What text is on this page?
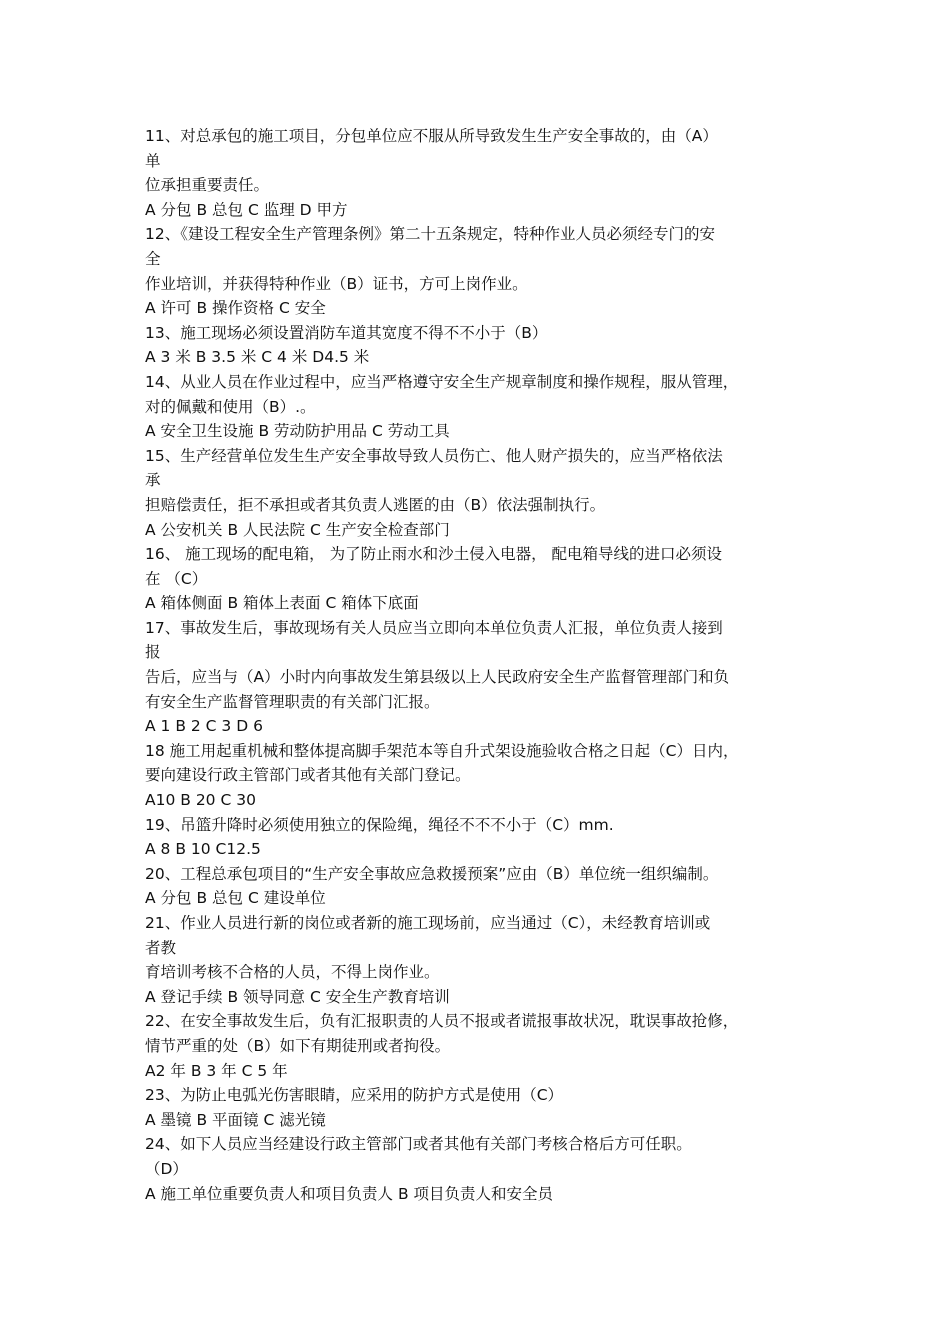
11、对总承包的施工项目，分包单位应不服从所导致发生生产安全事故的，由（A）
单
位承担重要责任。
A 分包 B 总包 C 监理 D 甲方
12、《建设工程安全生产管理条例》第二十五条规定，特种作业人员必须经专门的安
全
作业培训，并获得特种作业（B）证书，方可上岗作业。
A 许可 B 操作资格 C 安全
13、施工现场必须设置消防车道其宽度不得不不小于（B）
A 3 米 B 3.5 米 C 4 米 D4.5 米
14、从业人员在作业过程中，应当严格遵守安全生产规章制度和操作规程，服从管理，
对的佩戴和使用（B）.。
A 安全卫生设施 B 劳动防护用品 C 劳动工具
15、生产经营单位发生生产安全事故导致人员伤亡、他人财产损失的，应当严格依法
承
担赔偿责任，拒不承担或者其负责人逃匿的由（B）依法强制执行。
A 公安机关 B 人民法院 C 生产安全检查部门
16、 施工现场的配电箱， 为了防止雨水和沙土侵入电器， 配电箱导线的进口必须设
在 （C）
A 箱体侧面 B 箱体上表面 C 箱体下底面
17、事故发生后，事故现场有关人员应当立即向本单位负责人汇报，单位负责人接到
报
告后，应当与（A）小时内向事故发生第县级以上人民政府安全生产监督管理部门和负
有安全生产监督管理职责的有关部门汇报。
A 1 B 2 C 3 D 6
18 施工用起重机械和整体提高脚手架范本等自升式架设施验收合格之日起（C）日内，
要向建设行政主管部门或者其他有关部门登记。
A10 B 20 C 30
19、吊篮升降时必须使用独立的保险绳，绳径不不不小于（C）mm.
A 8 B 10 C12.5
20、工程总承包项目的“生产安全事故应急救援预案”应由（B）单位统一组织编制。
A 分包 B 总包 C 建设单位
21、作业人员进行新的岗位或者新的施工现场前，应当通过（C），未经教育培训或
者教
育培训考核不合格的人员，不得上岗作业。
A 登记手续 B 领导同意 C 安全生产教育培训
22、在安全事故发生后，负有汇报职责的人员不报或者谎报事故状况，耽误事故抢修，
情节严重的处（B）如下有期徒刑或者拘役。
A2 年 B 3 年 C 5 年
23、为防止电弧光伤害眼睛，应采用的防护方式是使用（C）
A 墨镜 B 平面镜 C 滤光镜
24、如下人员应当经建设行政主管部门或者其他有关部门考核合格后方可任职。
（D）
A 施工单位重要负责人和项目负责人 B 项目负责人和安全员
